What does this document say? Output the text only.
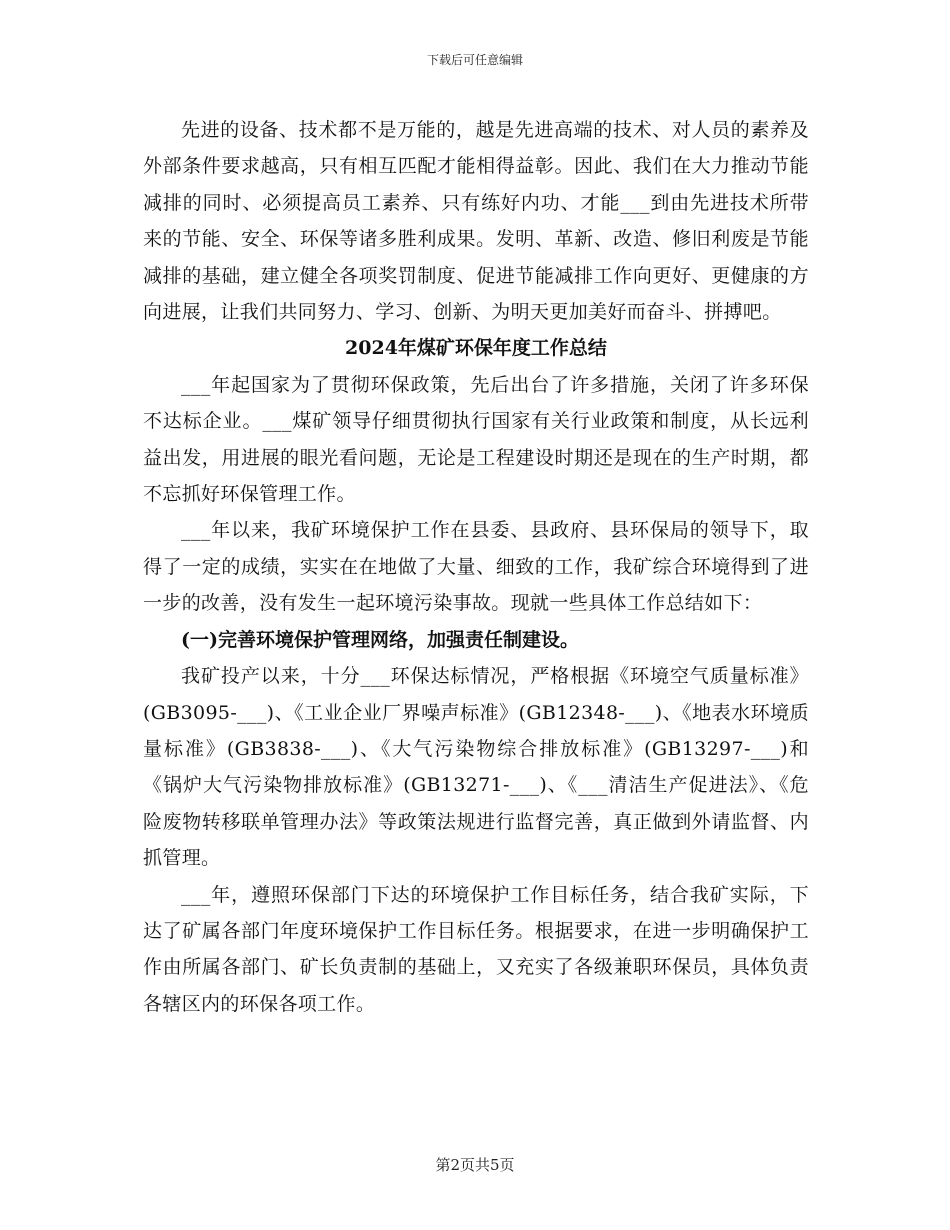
下载后可任意编辑

先进的设备、技术都不是万能的，越是先进高端的技术、对人员的素养及外部条件要求越高，只有相互匹配才能相得益彰。因此、我们在大力推动节能减排的同时、必须提高员工素养、只有练好内功、才能___到由先进技术所带来的节能、安全、环保等诸多胜利成果。发明、革新、改造、修旧利废是节能减排的基础，建立健全各项奖罚制度、促进节能减排工作向更好、更健康的方向进展，让我们共同努力、学习、创新、为明天更加美好而奋斗、拼搏吧。

2024年煤矿环保年度工作总结

___年起国家为了贯彻环保政策，先后出台了许多措施，关闭了许多环保不达标企业。___煤矿领导仔细贯彻执行国家有关行业政策和制度，从长远利益出发，用进展的眼光看问题，无论是工程建设时期还是现在的生产时期，都不忘抓好环保管理工作。

___年以来，我矿环境保护工作在县委、县政府、县环保局的领导下，取得了一定的成绩，实实在在地做了大量、细致的工作，我矿综合环境得到了进一步的改善，没有发生一起环境污染事故。现就一些具体工作总结如下：

(一)完善环境保护管理网络，加强责任制建设。

我矿投产以来，十分___环保达标情况，严格根据《环境空气质量标准》(GB3095-___)、《工业企业厂界噪声标准》(GB12348-___)、《地表水环境质量标准》(GB3838-___)、《大气污染物综合排放标准》(GB13297-___)和《锅炉大气污染物排放标准》(GB13271-___)、《___清洁生产促进法》、《危险废物转移联单管理办法》等政策法规进行监督完善，真正做到外请监督、内抓管理。

___年，遵照环保部门下达的环境保护工作目标任务，结合我矿实际，下达了矿属各部门年度环境保护工作目标任务。根据要求，在进一步明确保护工作由所属各部门、矿长负责制的基础上，又充实了各级兼职环保员，具体负责各辖区内的环保各项工作。

第2页共5页
